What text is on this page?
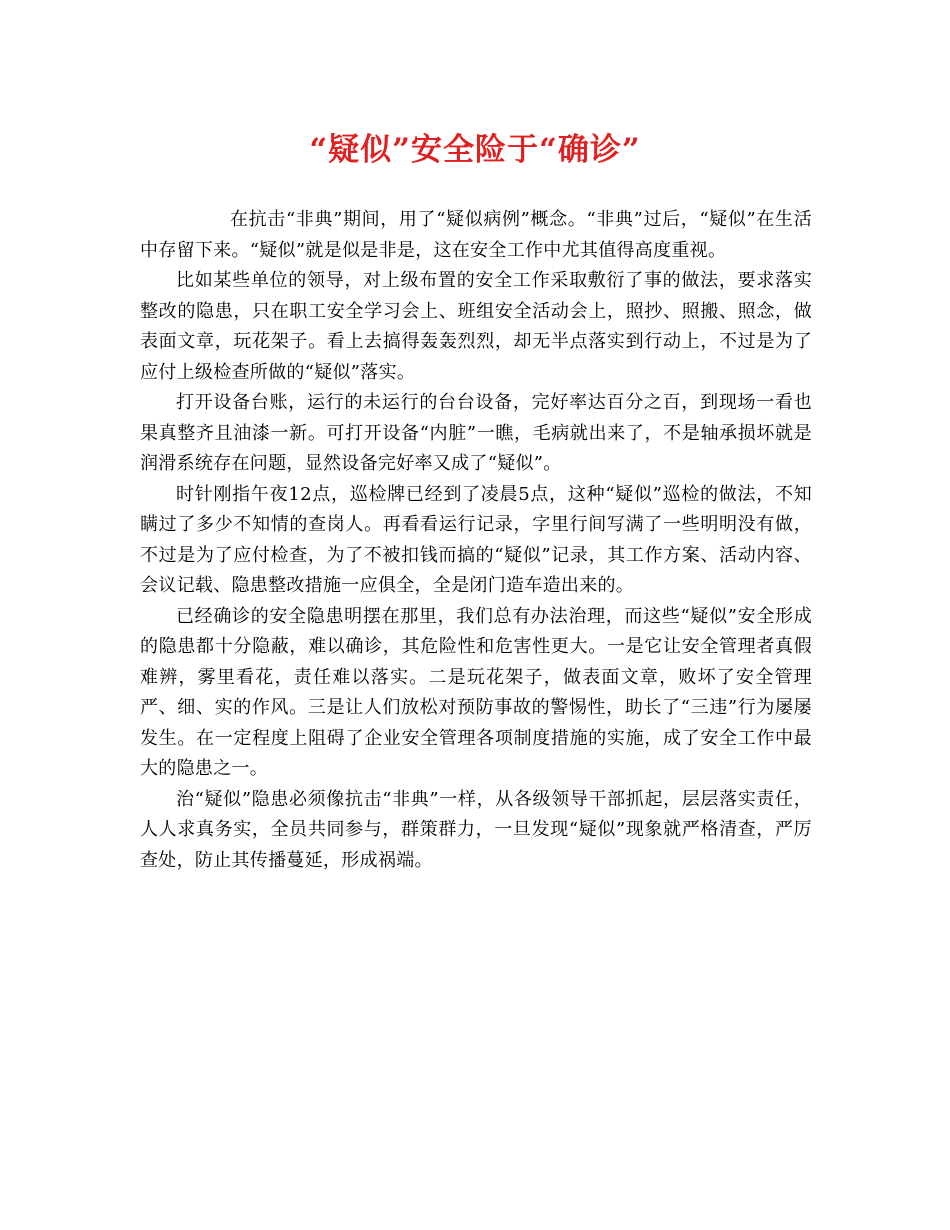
“疑似”安全险于“确诊”

在抗击“非典”期间，用了“疑似病例”概念。“非典”过后，“疑似”在生活中存留下来。“疑似”就是似是非是，这在安全工作中尤其值得高度重视。

比如某些单位的领导，对上级布置的安全工作采取敷衍了事的做法，要求落实整改的隐患，只在职工安全学习会上、班组安全活动会上，照抄、照搬、照念，做表面文章，玩花架子。看上去搞得轰轰烈烈，却无半点落实到行动上，不过是为了应付上级检查所做的“疑似”落实。

打开设备台账，运行的未运行的台台设备，完好率达百分之百，到现场一看也果真整齐且油漆一新。可打开设备“内脏”一瞧，毛病就出来了，不是轴承损坏就是润滑系统存在问题，显然设备完好率又成了“疑似”。

时针刚指午夜12点，巡检牌已经到了凌晨5点，这种“疑似”巡检的做法，不知瞒过了多少不知情的查岗人。再看看运行记录，字里行间写满了一些明明没有做，不过是为了应付检查，为了不被扣钱而搞的“疑似”记录，其工作方案、活动内容、会议记载、隐患整改措施一应俱全，全是闭门造车造出来的。

已经确诊的安全隐患明摆在那里，我们总有办法治理，而这些“疑似”安全形成的隐患都十分隐蔽，难以确诊，其危险性和危害性更大。一是它让安全管理者真假难辨，雾里看花，责任难以落实。二是玩花架子，做表面文章，败坏了安全管理严、细、实的作风。三是让人们放松对预防事故的警惕性，助长了“三违”行为屡屡发生。在一定程度上阻碍了企业安全管理各项制度措施的实施，成了安全工作中最大的隐患之一。

治“疑似”隐患必须像抗击“非典”一样，从各级领导干部抓起，层层落实责任，人人求真务实，全员共同参与，群策群力，一旦发现“疑似”现象就严格清查，严厉查处，防止其传播蔓延，形成祸端。
